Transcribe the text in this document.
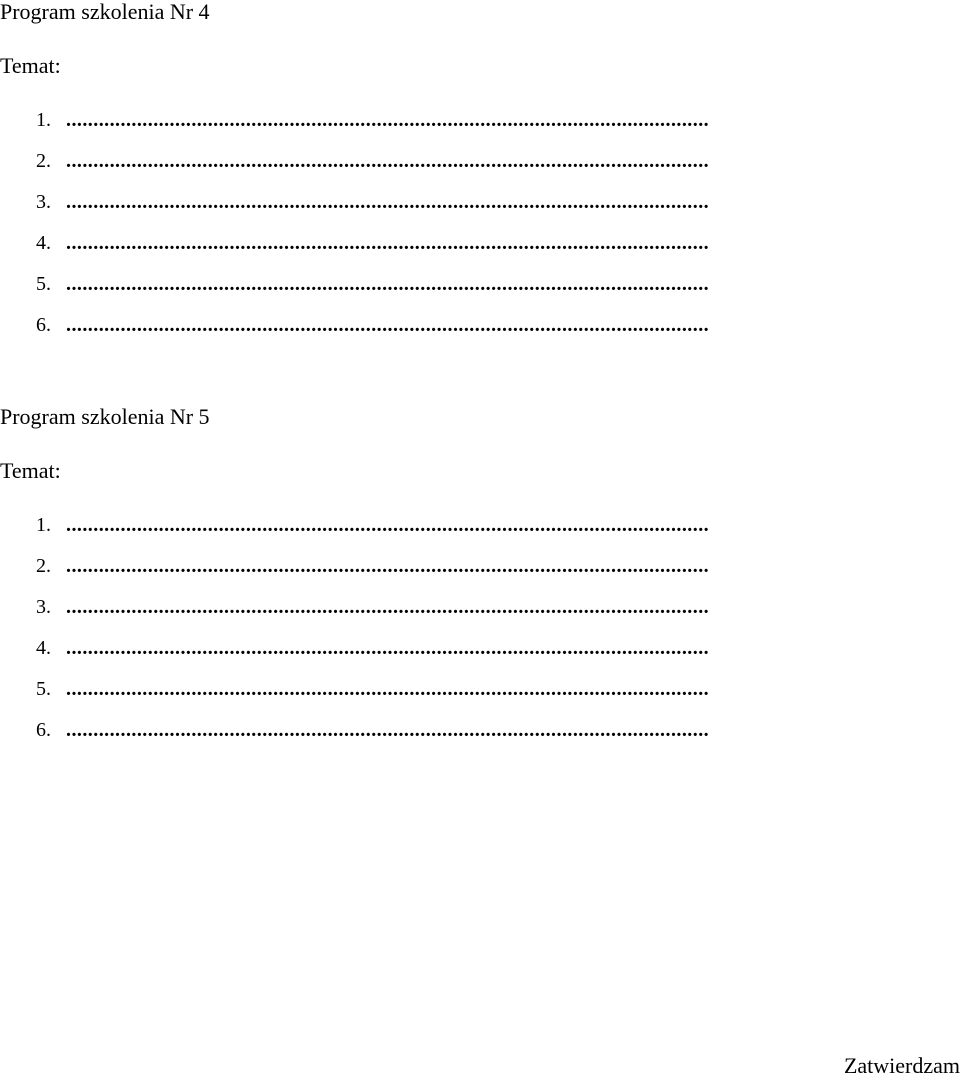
Program szkolenia Nr 4
Temat:
1. ......................................................................................................................
2. ......................................................................................................................
3. ......................................................................................................................
4. ......................................................................................................................
5. ......................................................................................................................
6. ......................................................................................................................
Program szkolenia Nr 5
Temat:
1. ......................................................................................................................
2. ......................................................................................................................
3. ......................................................................................................................
4. ......................................................................................................................
5. ......................................................................................................................
6. ......................................................................................................................
Zatwierdzam
